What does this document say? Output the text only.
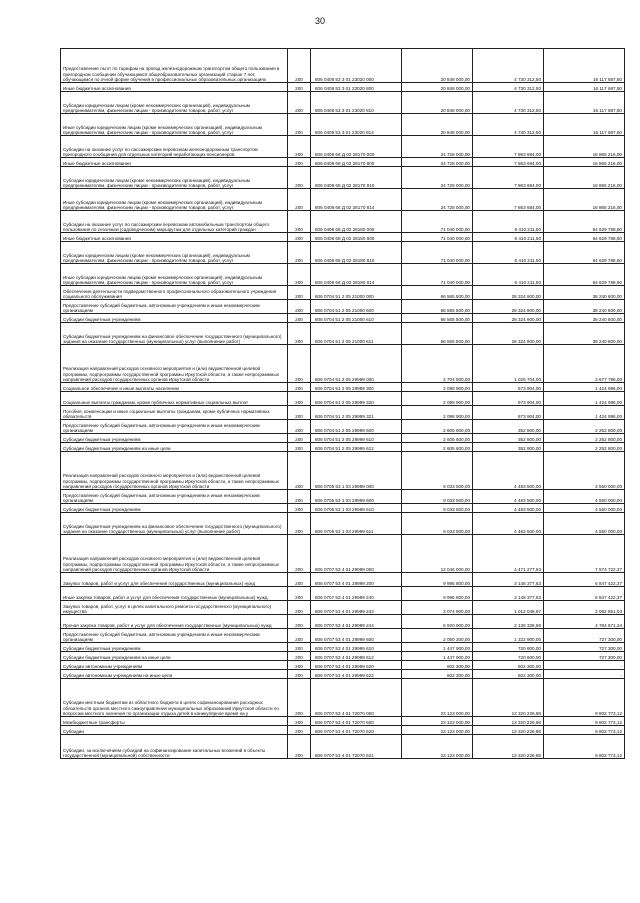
30
Предоставление льгот по тарифам на проезд железнодорожным транспортом общего пользования в пригородном сообщении обучающимся общеобразовательных организаций старше 7 лет, обучающимся по очной форме обучения в профессиональных образовательных организациях	200	806 0408 53 3 01 23020 000	20 848 000,00	4 730 312,50	16 117 687,50
Иные бюджетные ассигнования	200	806 0408 53 3 01 23020 800	20 848 000,00	4 730 312,50	16 117 687,50
Субсидии юридическим лицам (кроме некоммерческих организаций), индивидуальным предпринимателям, физическим лицам - производителям товаров, работ, услуг	200	806 0408 53 3 01 23020 810	20 848 000,00	4 730 312,50	16 117 687,50
Иные субсидии юридическим лицам (кроме некоммерческих организаций), индивидуальным предпринимателям, физическим лицам - производителям товаров, работ, услуг	200	806 0408 53 3 01 23020 814	20 848 000,00	4 730 312,50	16 117 687,50
Субсидии на оказание услуг по пассажирским перевозкам железнодорожным транспортом пригородного сообщения для отдельных категорий неработающих пенсионеров	200	806 0408 68 Д 02 28170 000	24 728 000,00	7 863 684,00	16 865 216,00
Иные бюджетные ассигнования	200	806 0408 68 Д 02 28170 800	24 728 000,00	7 863 684,00	16 865 216,00
Субсидии юридическим лицам (кроме некоммерческих организаций), индивидуальным предпринимателям, физическим лицам - производителям товаров, работ, услуг	200	806 0408 68 Д 02 28170 810	24 728 000,00	7 863 684,00	16 865 216,00
Иные субсидии юридическим лицам (кроме некоммерческих организаций), индивидуальным предпринимателям, физическим лицам - производителям товаров, работ, услуг	200	806 0408 68 Д 02 28170 814	24 728 000,00	7 863 684,00	16 865 216,00
Субсидии на оказание услуг по пассажирским перевозкам автомобильным транспортом общего пользования по сезонным (садоводческим) маршрутам для отдельных категорий граждан	200	806 0408 68 Д 02 28180 000	71 040 000,00	6 410 211,50	64 629 788,50
Иные бюджетные ассигнования	200	806 0408 68 Д 02 28180 800	71 040 000,00	6 410 211,50	64 629 788,50
Субсидии юридическим лицам (кроме некоммерческих организаций), индивидуальным предпринимателям, физическим лицам - производителям товаров, работ, услуг	200	806 0408 68 Д 02 28180 810	71 040 000,00	6 410 211,50	64 629 788,50
Иные субсидии юридическим лицам (кроме некоммерческих организаций), индивидуальным предпринимателям, физическим лицам - производителям товаров, работ, услуг	200	806 0408 68 Д 02 28180 814	71 040 000,00	6 410 211,50	64 629 788,50
Обеспечение деятельности подведомственного профессионального образовательного учреждения социального обслуживания	200	806 0704 51 2 05 21000 000	66 565 500,00	28 324 900,00	38 240 600,00
Предоставление субсидий бюджетным, автономным учреждениям и иным некоммерческим организациям	200	806 0704 51 2 05 21000 600	66 565 500,00	28 324 900,00	38 240 600,00
Субсидии бюджетным учреждениям	200	806 0704 51 2 05 21000 610	66 565 500,00	28 324 900,00	38 240 600,00
Субсидии бюджетным учреждениям на финансовое обеспечение государственного (муниципального) задания на оказание государственных (муниципальных) услуг (выполнение работ)	200	806 0704 51 2 05 21000 611	66 565 500,00	28 324 900,00	38 240 600,00
Реализация направлений расходов основного мероприятия и (или) ведомственной целевой программы, подпрограммы государственной программы Иркутской области, а также непрограммных направлений расходов государственных органов Иркутской области	200	806 0704 51 2 05 29999 000	4 704 500,00	1 026 704,00	3 677 796,00
Социальное обеспечение и иные выплаты населению	200	806 0704 51 2 05 29999 300	2 098 900,00	673 904,00	1 424 996,00
Социальные выплаты гражданам, кроме публичных нормативных социальных выплат	200	806 0704 51 2 05 29999 320	2 098 900,00	673 904,00	1 424 996,00
Пособия, компенсации и иные социальные выплаты гражданам, кроме публичных нормативных обязательств	200	806 0704 51 2 05 29999 321	2 098 900,00	673 904,00	1 424 996,00
Предоставление субсидий бюджетным, автономным учреждениям и иным некоммерческим организациям	200	806 0704 51 2 05 29999 600	2 605 600,00	352 800,00	2 252 800,00
Субсидии бюджетным учреждениям	200	806 0704 51 2 05 29999 610	2 605 600,00	352 800,00	2 252 800,00
Субсидии бюджетным учреждениям на иные цели	200	806 0704 51 2 05 29999 612	2 605 600,00	352 800,00	2 252 800,00
Реализация направлений расходов основного мероприятия и (или) ведомственной целевой программы, подпрограммы государственной программы Иркутской области, а также непрограммных направлений расходов государственных органов Иркутской области	200	806 0705 53 1 03 29999 000	9 033 500,00	4 483 500,00	4 550 000,00
Предоставление субсидий бюджетным, автономным учреждениям и иным некоммерческим организациям	200	806 0705 53 1 03 29999 600	9 033 500,00	4 483 500,00	4 550 000,00
Субсидии бюджетным учреждениям	200	806 0705 53 1 03 29999 610	9 033 500,00	4 483 500,00	4 550 000,00
Субсидии бюджетным учреждениям на финансовое обеспечение государственного (муниципального) задания на оказание государственных (муниципальных) услуг (выполнение работ)	200	806 0705 53 1 03 29999 611	9 033 500,00	4 483 500,00	4 550 000,00
Реализация направлений расходов основного мероприятия и (или) ведомственной целевой программы, подпрограммы государственной программы Иркутской области, а также непрограммных направлений расходов государственных органов Иркутской области	200	806 0707 53 4 01 29999 000	12 046 000,00	4 471 277,63	7 574 722,37
Закупка товаров, работ и услуг для обеспечения государственных (муниципальных) нужд	200	806 0707 53 4 01 29999 200	9 995 800,00	3 148 377,63	6 847 422,37
Иные закупки товаров, работ и услуг для обеспечения государственных (муниципальных) нужд	200	806 0707 53 4 01 29999 240	9 995 800,00	3 148 377,63	6 847 422,37
Закупка товаров, работ, услуг в целях капитального ремонта государственного (муниципального) имущества	200	806 0707 53 4 01 29999 243	3 074 900,00	1 012 048,97	2 062 851,03
Прочая закупка товаров, работ и услуг для обеспечения государственных (муниципальных) нужд	200	806 0707 53 4 01 29999 244	6 920 900,00	2 136 328,66	4 784 571,34
Предоставление субсидий бюджетным, автономным учреждениям и иным некоммерческим организациям	200	806 0707 53 4 01 29999 600	2 050 200,00	1 322 900,00	727 300,00
Субсидии бюджетным учреждениям	200	806 0707 53 4 01 29999 610	1 447 900,00	720 600,00	727 300,00
Субсидии бюджетным учреждениям на иные цели	200	806 0707 53 4 01 29999 612	1 447 900,00	720 600,00	727 300,00
Субсидии автономным учреждениям	200	806 0707 53 4 01 29999 620	602 300,00	602 300,00	-
Субсидии автономным учреждениям на иные цели	200	806 0707 53 4 01 29999 622	602 300,00	602 300,00	-
Субсидии местным бюджетам из областного бюджета в целях софинансирования расходных обязательств органов местного самоуправления муниципальных образований Иркутской области по вопросам местного значения по организации отдыха детей в каникулярное время на у	200	806 0707 53 4 01 72070 000	23 123 000,00	13 320 226,88	9 802 773,12
Межбюджетные трансферты	200	806 0707 53 4 01 72070 500	23 123 000,00	13 320 226,88	9 802 773,12
Субсидии	200	806 0707 53 4 01 72070 520	23 123 000,00	13 320 226,88	9 802 773,12
Субсидии, за исключением субсидий на софинансирование капитальных вложений в объекты государственной (муниципальной) собственности	200	806 0707 53 4 01 72070 521	23 123 000,00	13 320 226,88	9 802 773,12
